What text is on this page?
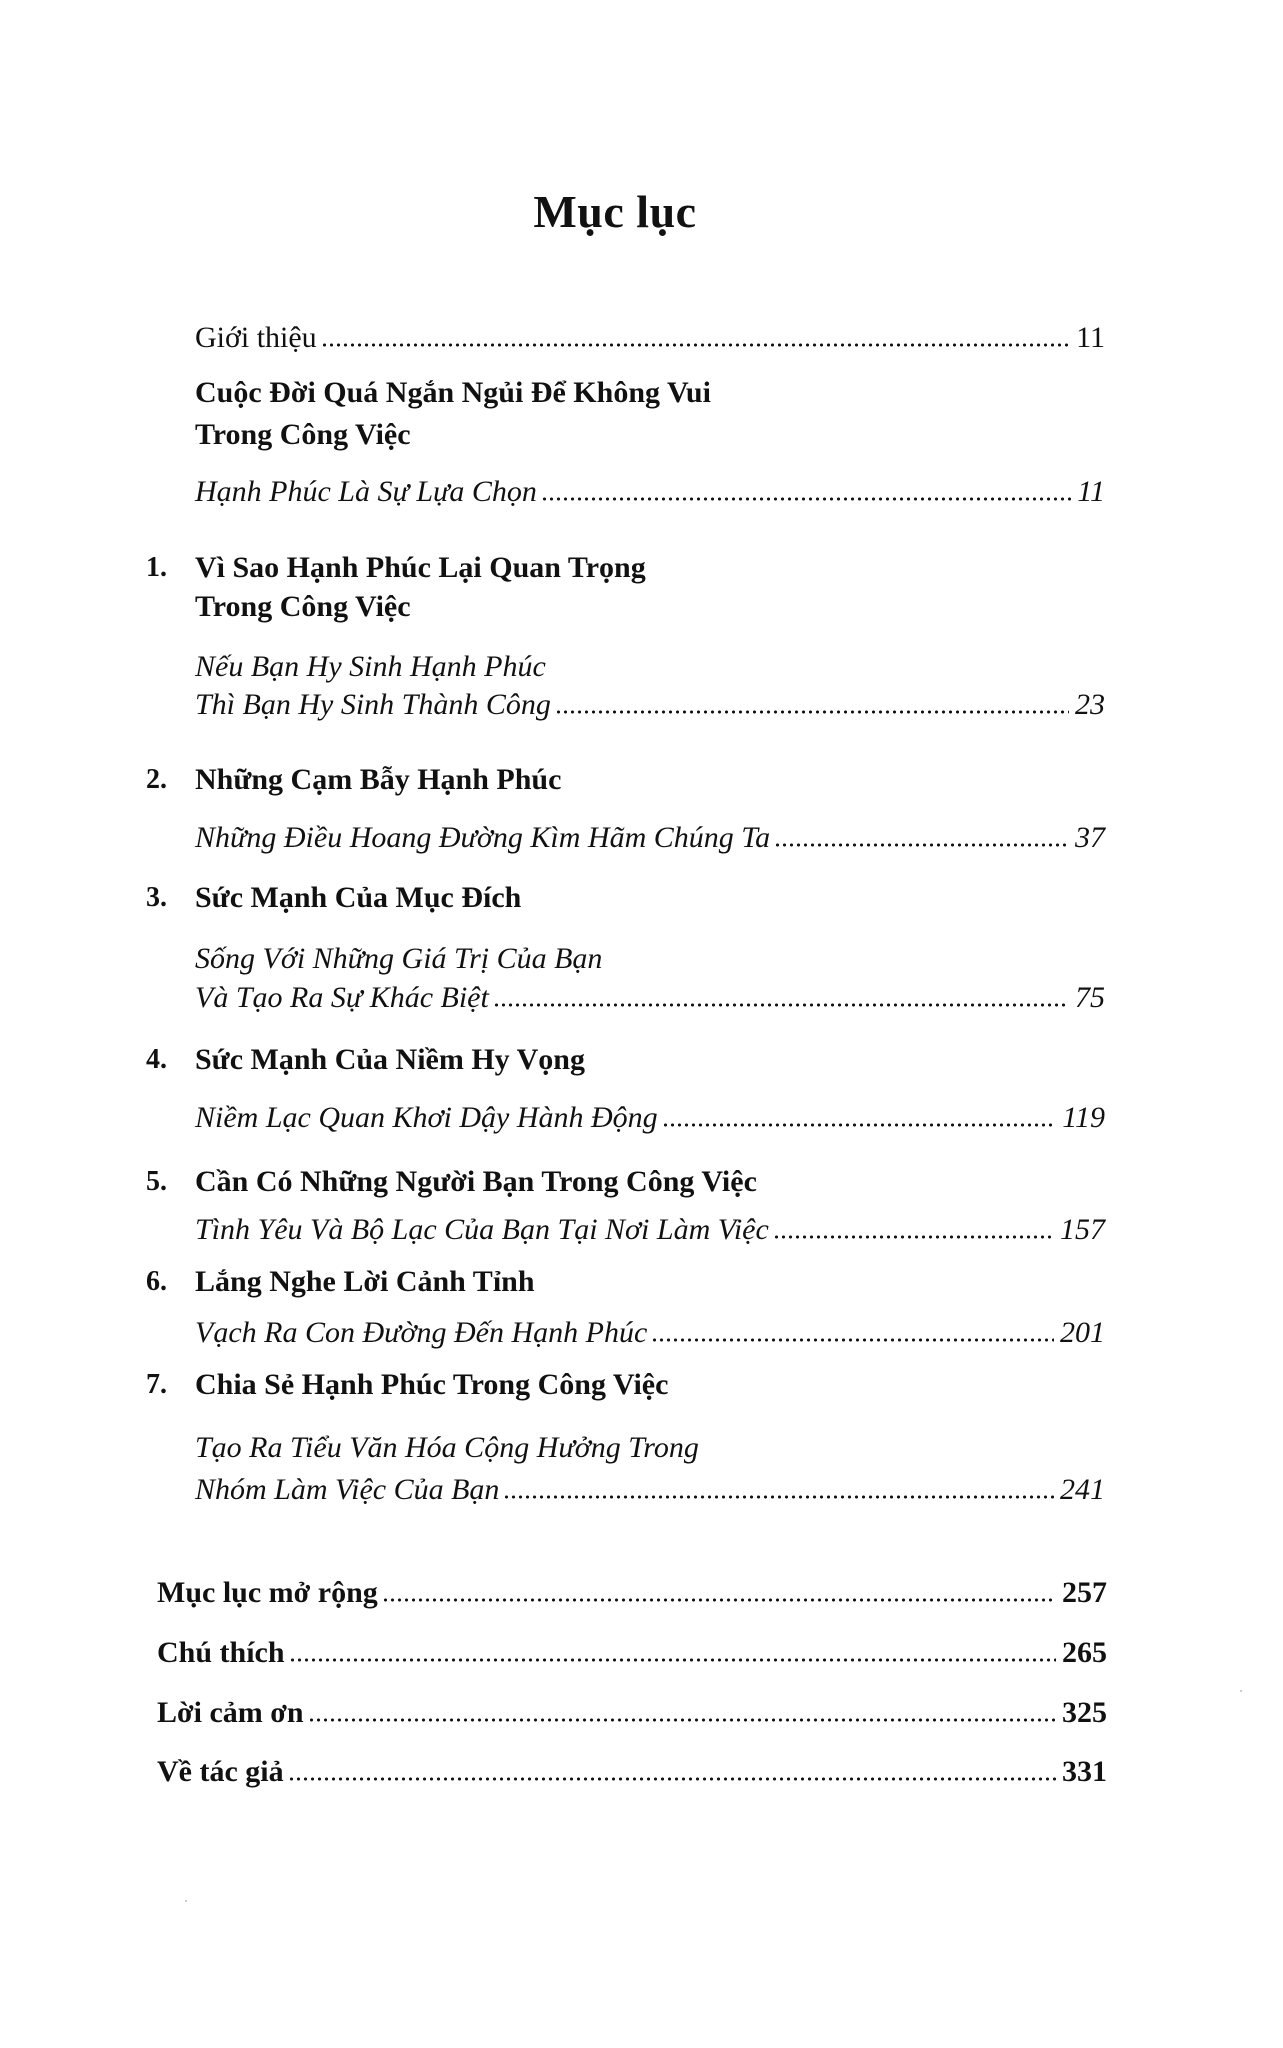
Mục lục
Giới thiệu	11
Cuộc Đời Quá Ngắn Ngủi Để Không Vui
Trong Công Việc
Hạnh Phúc Là Sự Lựa Chọn	11
1. Vì Sao Hạnh Phúc Lại Quan Trọng
Trong Công Việc
Nếu Bạn Hy Sinh Hạnh Phúc
Thì Bạn Hy Sinh Thành Công	23
2. Những Cạm Bẫy Hạnh Phúc
Những Điều Hoang Đường Kìm Hãm Chúng Ta	37
3. Sức Mạnh Của Mục Đích
Sống Với Những Giá Trị Của Bạn
Và Tạo Ra Sự Khác Biệt	75
4. Sức Mạnh Của Niềm Hy Vọng
Niềm Lạc Quan Khơi Dậy Hành Động	119
5. Cần Có Những Người Bạn Trong Công Việc
Tình Yêu Và Bộ Lạc Của Bạn Tại Nơi Làm Việc	157
6. Lắng Nghe Lời Cảnh Tỉnh
Vạch Ra Con Đường Đến Hạnh Phúc	201
7. Chia Sẻ Hạnh Phúc Trong Công Việc
Tạo Ra Tiểu Văn Hóa Cộng Hưởng Trong
Nhóm Làm Việc Của Bạn	241
Mục lục mở rộng	257
Chú thích	265
Lời cảm ơn	325
Về tác giả	331
